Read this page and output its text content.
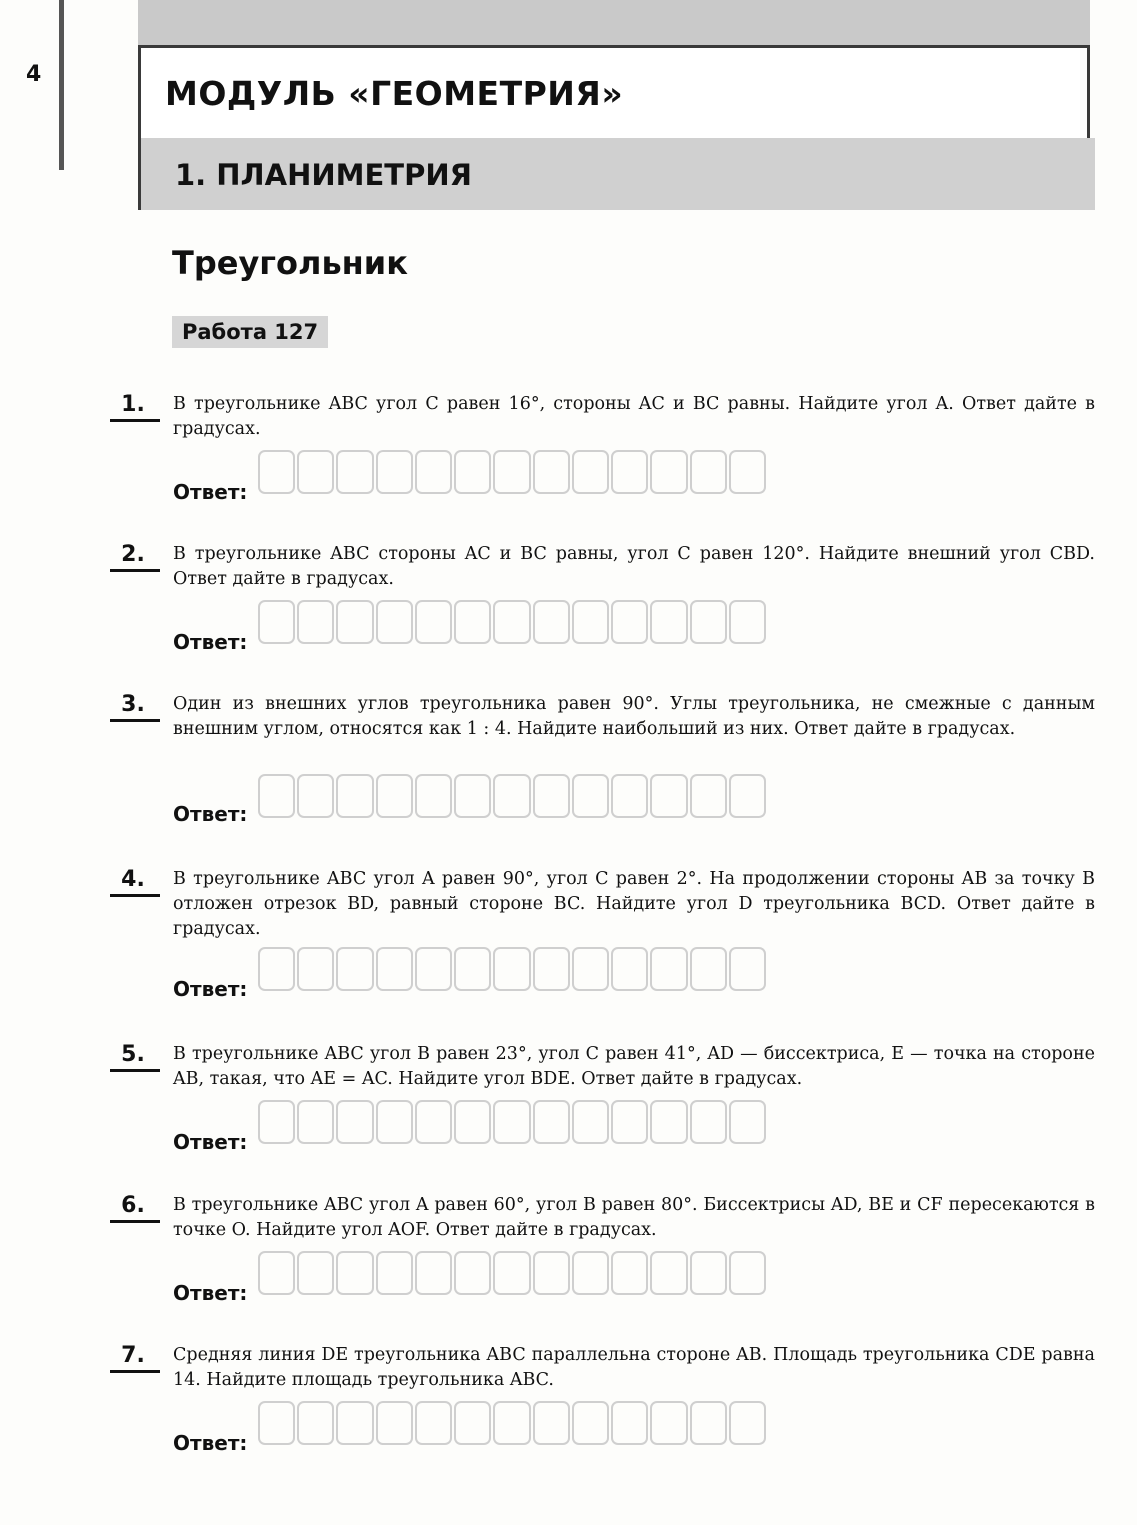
4	МОДУЛЬ «ГЕОМЕТРИЯ»
1. ПЛАНИМЕТРИЯ
Треугольник
Работа 127
1.	В треугольнике ABC угол C равен 16°, стороны AC и BC равны. Найдите угол A. Ответ дайте в градусах.
Ответ:
2.	В треугольнике ABC стороны AC и BC равны, угол C равен 120°. Найдите внешний угол CBD. Ответ дайте в градусах.
Ответ:
3.	Один из внешних углов треугольника равен 90°. Углы треугольника, не смежные с данным внешним углом, относятся как 1 : 4. Найдите наибольший из них. Ответ дайте в градусах.
Ответ:
4.	В треугольнике ABC угол A равен 90°, угол C равен 2°. На продолжении стороны AB за точку B отложен отрезок BD, равный стороне BC. Найдите угол D треугольника BCD. Ответ дайте в градусах.
Ответ:
5.	В треугольнике ABC угол B равен 23°, угол C равен 41°, AD — биссектриса, E — точка на стороне AB, такая, что AE = AC. Найдите угол BDE. Ответ дайте в градусах.
Ответ:
6.	В треугольнике ABC угол A равен 60°, угол B равен 80°. Биссектрисы AD, BE и CF пересекаются в точке O. Найдите угол AOF. Ответ дайте в градусах.
Ответ:
7.	Средняя линия DE треугольника ABC параллельна стороне AB. Площадь треугольника CDE равна 14. Найдите площадь треугольника ABC.
Ответ:
